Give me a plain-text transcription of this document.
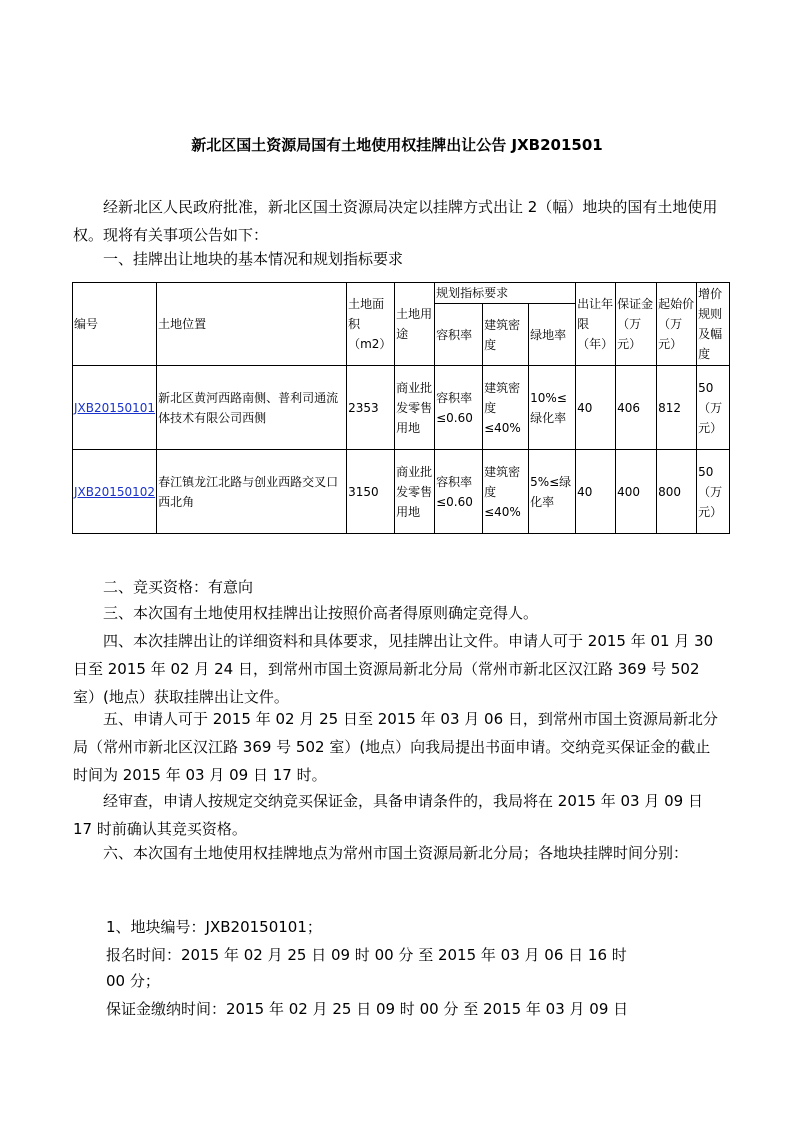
新北区国土资源局国有土地使用权挂牌出让公告 JXB201501
经新北区人民政府批准，新北区国土资源局决定以挂牌方式出让 2（幅）地块的国有土地使用权。现将有关事项公告如下：
一、挂牌出让地块的基本情况和规划指标要求
编号	土地位置	土地面积（m2）	土地用途	规划指标要求			出让年限（年）	保证金（万元）	起始价（万元）	增价规则及幅度
				容积率	建筑密度	绿地率				
JXB20150101	新北区黄河西路南侧、普利司通流体技术有限公司西侧	2353	商业批发零售用地	容积率≤0.60	建筑密度≤40%	10%≤绿化率	40	406	812	50（万元）
JXB20150102	春江镇龙江北路与创业西路交叉口西北角	3150	商业批发零售用地	容积率≤0.60	建筑密度≤40%	5%≤绿化率	40	400	800	50（万元）
二、竞买资格：有意向
三、本次国有土地使用权挂牌出让按照价高者得原则确定竞得人。
四、本次挂牌出让的详细资料和具体要求，见挂牌出让文件。申请人可于 2015 年 01 月 30 日至 2015 年 02 月 24 日，到常州市国土资源局新北分局（常州市新北区汉江路 369 号 502 室）(地点）获取挂牌出让文件。
五、申请人可于 2015 年 02 月 25 日至 2015 年 03 月 06 日，到常州市国土资源局新北分局（常州市新北区汉江路 369 号 502 室）(地点）向我局提出书面申请。交纳竞买保证金的截止时间为 2015 年 03 月 09 日 17 时。
经审查，申请人按规定交纳竞买保证金，具备申请条件的，我局将在 2015 年 03 月 09 日 17 时前确认其竞买资格。
六、本次国有土地使用权挂牌地点为常州市国土资源局新北分局；各地块挂牌时间分别：
1、地块编号：JXB20150101；
报名时间：2015 年 02 月 25 日 09 时 00 分 至 2015 年 03 月 06 日 16 时
00 分；
保证金缴纳时间：2015 年 02 月 25 日 09 时 00 分 至 2015 年 03 月 09 日
